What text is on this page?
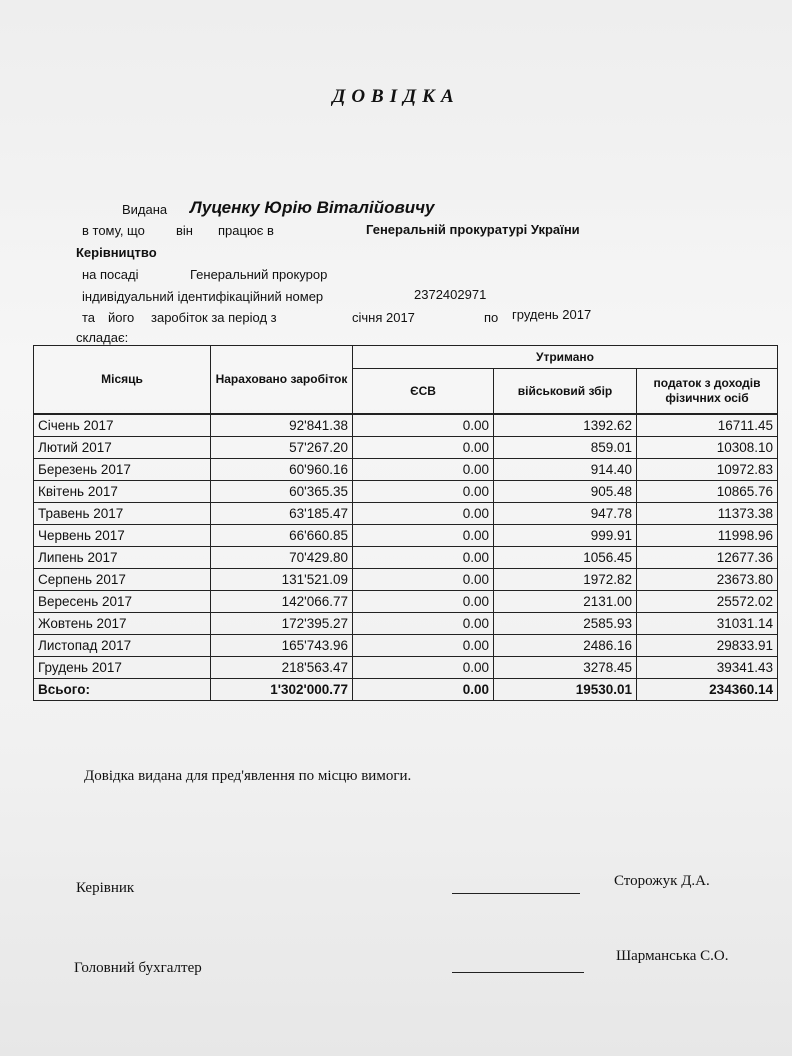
ДОВІДКА
Видана Луценку Юрію Віталійовичу
в тому, що він працює в	Генеральній прокуратурі України
Керівництво
на посаді	Генеральний прокурор
індивідуальний ідентифікаційний номер	2372402971
та його заробіток за період з	січня 2017	по грудень 2017
складає:
Місяць	Нараховано заробіток	Утримано		
		ЄСВ	військовий збір	податок з доходів фізичних осіб
Січень 2017	92'841.38	0.00	1392.62	16711.45
Лютий 2017	57'267.20	0.00	859.01	10308.10
Березень 2017	60'960.16	0.00	914.40	10972.83
Квітень 2017	60'365.35	0.00	905.48	10865.76
Травень 2017	63'185.47	0.00	947.78	11373.38
Червень 2017	66'660.85	0.00	999.91	11998.96
Липень 2017	70'429.80	0.00	1056.45	12677.36
Серпень 2017	131'521.09	0.00	1972.82	23673.80
Вересень 2017	142'066.77	0.00	2131.00	25572.02
Жовтень 2017	172'395.27	0.00	2585.93	31031.14
Листопад 2017	165'743.96	0.00	2486.16	29833.91
Грудень 2017	218'563.47	0.00	3278.45	39341.43
Всього:	1'302'000.77	0.00	19530.01	234360.14
Довідка видана для пред'явлення по місцю вимоги.
Керівник	Сторожук Д.А.
Головний бухгалтер
Шарманська С.О.
